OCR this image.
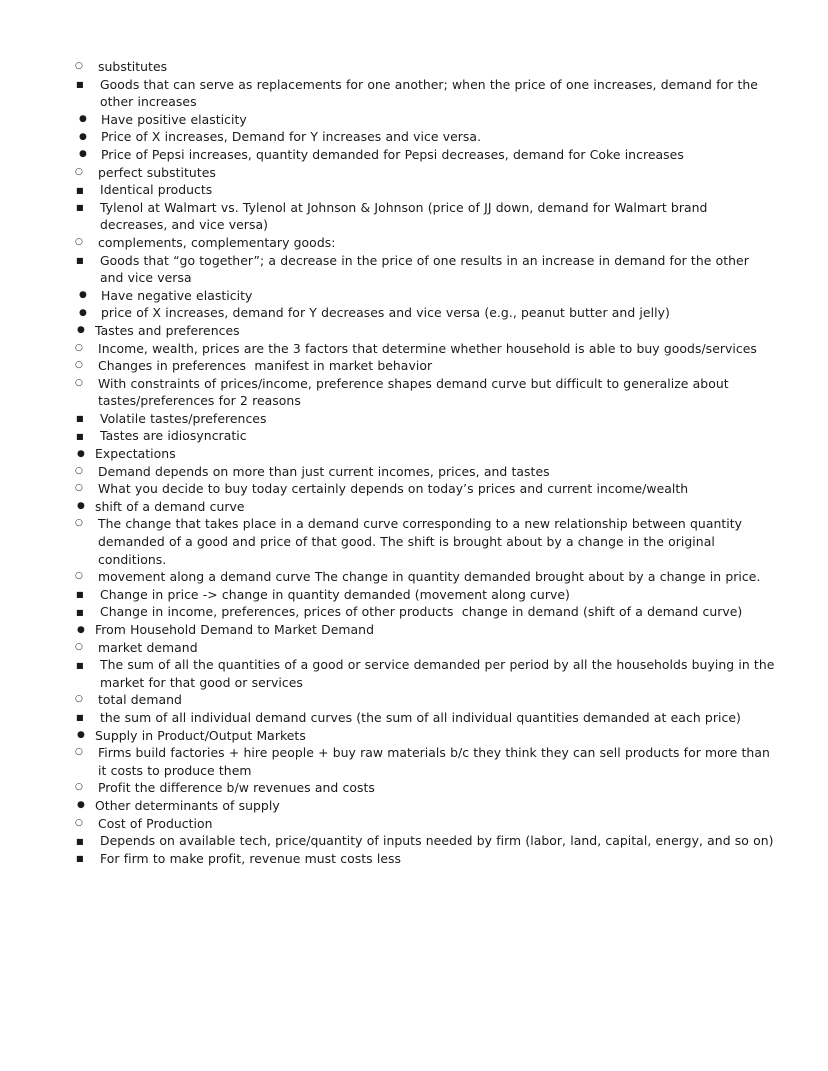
○
substitutes
■
Goods that can serve as replacements for one another; when the price of one increases, demand for the other increases
●
Have positive elasticity
●
Price of X increases, Demand for Y increases and vice versa.
●
Price of Pepsi increases, quantity demanded for Pepsi decreases, demand for Coke increases
○
perfect substitutes
■
Identical products
■
Tylenol at Walmart vs. Tylenol at Johnson & Johnson (price of JJ down, demand for Walmart brand decreases, and vice versa)
○
complements, complementary goods:
■
Goods that “go together”; a decrease in the price of one results in an increase in demand for the other and vice versa
●
Have negative elasticity
●
price of X increases, demand for Y decreases and vice versa (e.g., peanut butter and jelly)
●
Tastes and preferences
○
Income, wealth, prices are the 3 factors that determine whether household is able to buy goods/services
○
Changes in preferences  manifest in market behavior
○
With constraints of prices/income, preference shapes demand curve but difficult to generalize about tastes/preferences for 2 reasons
■
Volatile tastes/preferences
■
Tastes are idiosyncratic
●
Expectations
○
Demand depends on more than just current incomes, prices, and tastes
○
What you decide to buy today certainly depends on today’s prices and current income/wealth
●
shift of a demand curve
○
The change that takes place in a demand curve corresponding to a new relationship between quantity demanded of a good and price of that good. The shift is brought about by a change in the original conditions.
○
movement along a demand curve The change in quantity demanded brought about by a change in price.
■
Change in price -> change in quantity demanded (movement along curve)
■
Change in income, preferences, prices of other products  change in demand (shift of a demand curve)
●
From Household Demand to Market Demand
○
market demand
■
The sum of all the quantities of a good or service demanded per period by all the households buying in the market for that good or services
○
total demand
■
the sum of all individual demand curves (the sum of all individual quantities demanded at each price)
●
Supply in Product/Output Markets
○
Firms build factories + hire people + buy raw materials b/c they think they can sell products for more than it costs to produce them
○
Profit the difference b/w revenues and costs
●
Other determinants of supply
○
Cost of Production
■
Depends on available tech, price/quantity of inputs needed by firm (labor, land, capital, energy, and so on)
■
For firm to make profit, revenue must costs less
